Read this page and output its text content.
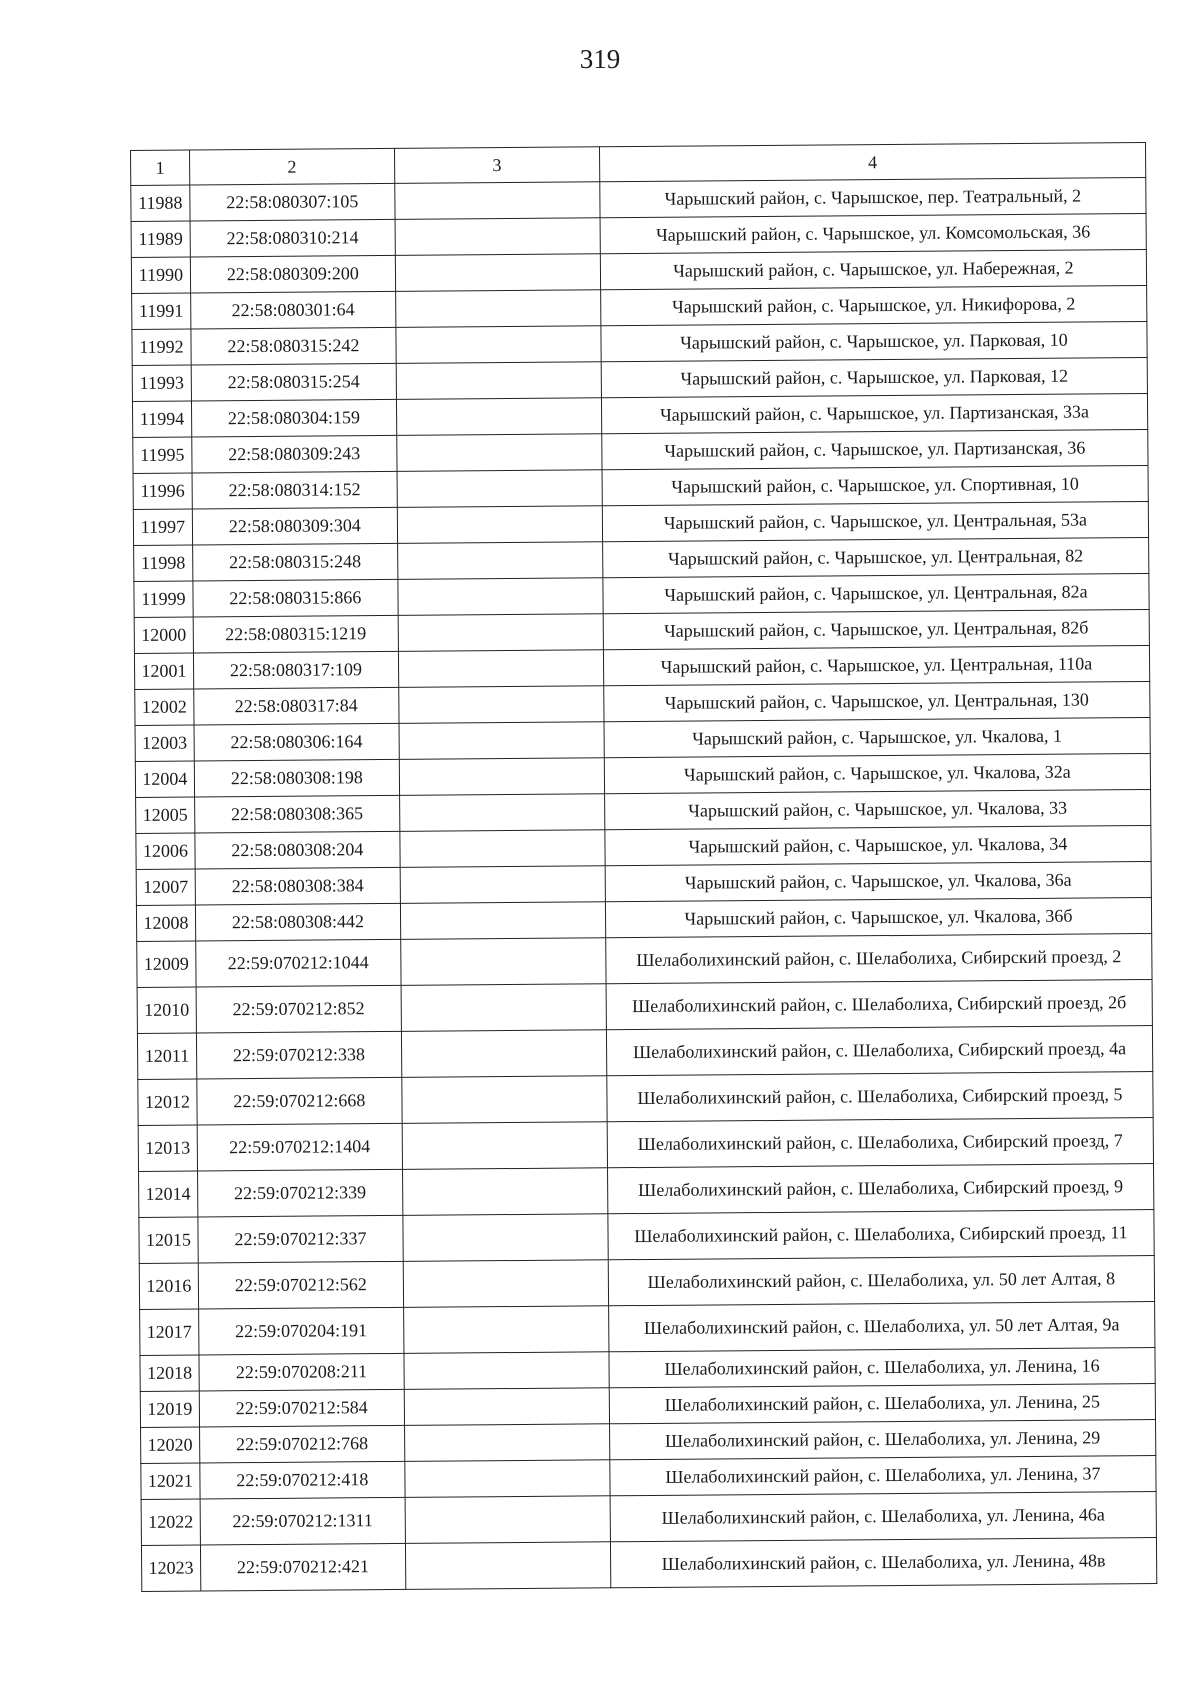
319
1	2	3	4
11988	22:58:080307:105		Чарышский район, с. Чарышское, пер. Театральный, 2
11989	22:58:080310:214		Чарышский район, с. Чарышское, ул. Комсомольская, 36
11990	22:58:080309:200		Чарышский район, с. Чарышское, ул. Набережная, 2
11991	22:58:080301:64		Чарышский район, с. Чарышское, ул. Никифорова, 2
11992	22:58:080315:242		Чарышский район, с. Чарышское, ул. Парковая, 10
11993	22:58:080315:254		Чарышский район, с. Чарышское, ул. Парковая, 12
11994	22:58:080304:159		Чарышский район, с. Чарышское, ул. Партизанская, 33а
11995	22:58:080309:243		Чарышский район, с. Чарышское, ул. Партизанская, 36
11996	22:58:080314:152		Чарышский район, с. Чарышское, ул. Спортивная, 10
11997	22:58:080309:304		Чарышский район, с. Чарышское, ул. Центральная, 53а
11998	22:58:080315:248		Чарышский район, с. Чарышское, ул. Центральная, 82
11999	22:58:080315:866		Чарышский район, с. Чарышское, ул. Центральная, 82а
12000	22:58:080315:1219		Чарышский район, с. Чарышское, ул. Центральная, 82б
12001	22:58:080317:109		Чарышский район, с. Чарышское, ул. Центральная, 110а
12002	22:58:080317:84		Чарышский район, с. Чарышское, ул. Центральная, 130
12003	22:58:080306:164		Чарышский район, с. Чарышское, ул. Чкалова, 1
12004	22:58:080308:198		Чарышский район, с. Чарышское, ул. Чкалова, 32а
12005	22:58:080308:365		Чарышский район, с. Чарышское, ул. Чкалова, 33
12006	22:58:080308:204		Чарышский район, с. Чарышское, ул. Чкалова, 34
12007	22:58:080308:384		Чарышский район, с. Чарышское, ул. Чкалова, 36а
12008	22:58:080308:442		Чарышский район, с. Чарышское, ул. Чкалова, 36б
12009	22:59:070212:1044		Шелаболихинский район, с. Шелаболиха, Сибирский проезд, 2
12010	22:59:070212:852		Шелаболихинский район, с. Шелаболиха, Сибирский проезд, 2б
12011	22:59:070212:338		Шелаболихинский район, с. Шелаболиха, Сибирский проезд, 4а
12012	22:59:070212:668		Шелаболихинский район, с. Шелаболиха, Сибирский проезд, 5
12013	22:59:070212:1404		Шелаболихинский район, с. Шелаболиха, Сибирский проезд, 7
12014	22:59:070212:339		Шелаболихинский район, с. Шелаболиха, Сибирский проезд, 9
12015	22:59:070212:337		Шелаболихинский район, с. Шелаболиха, Сибирский проезд, 11
12016	22:59:070212:562		Шелаболихинский район, с. Шелаболиха, ул. 50 лет Алтая, 8
12017	22:59:070204:191		Шелаболихинский район, с. Шелаболиха, ул. 50 лет Алтая, 9а
12018	22:59:070208:211		Шелаболихинский район, с. Шелаболиха, ул. Ленина, 16
12019	22:59:070212:584		Шелаболихинский район, с. Шелаболиха, ул. Ленина, 25
12020	22:59:070212:768		Шелаболихинский район, с. Шелаболиха, ул. Ленина, 29
12021	22:59:070212:418		Шелаболихинский район, с. Шелаболиха, ул. Ленина, 37
12022	22:59:070212:1311		Шелаболихинский район, с. Шелаболиха, ул. Ленина, 46а
12023	22:59:070212:421		Шелаболихинский район, с. Шелаболиха, ул. Ленина, 48в
